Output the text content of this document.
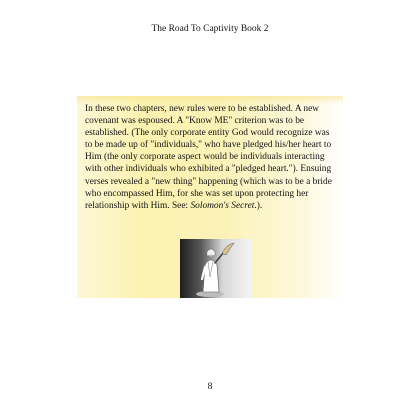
The Road To Captivity Book 2

In these two chapters, new rules were to be established. A new covenant was espoused. A "Know ME" criterion was to be established. (The only corporate entity God would recognize was to be made up of "individuals," who have pledged his/her heart to Him (the only corporate aspect would be individuals interacting with other individuals who exhibited a "pledged heart."). Ensuing verses revealed a "new thing" happening (which was to be a bride who encompassed Him, for she was set upon protecting her relationship with Him. See: Solomon's Secret.).

8
